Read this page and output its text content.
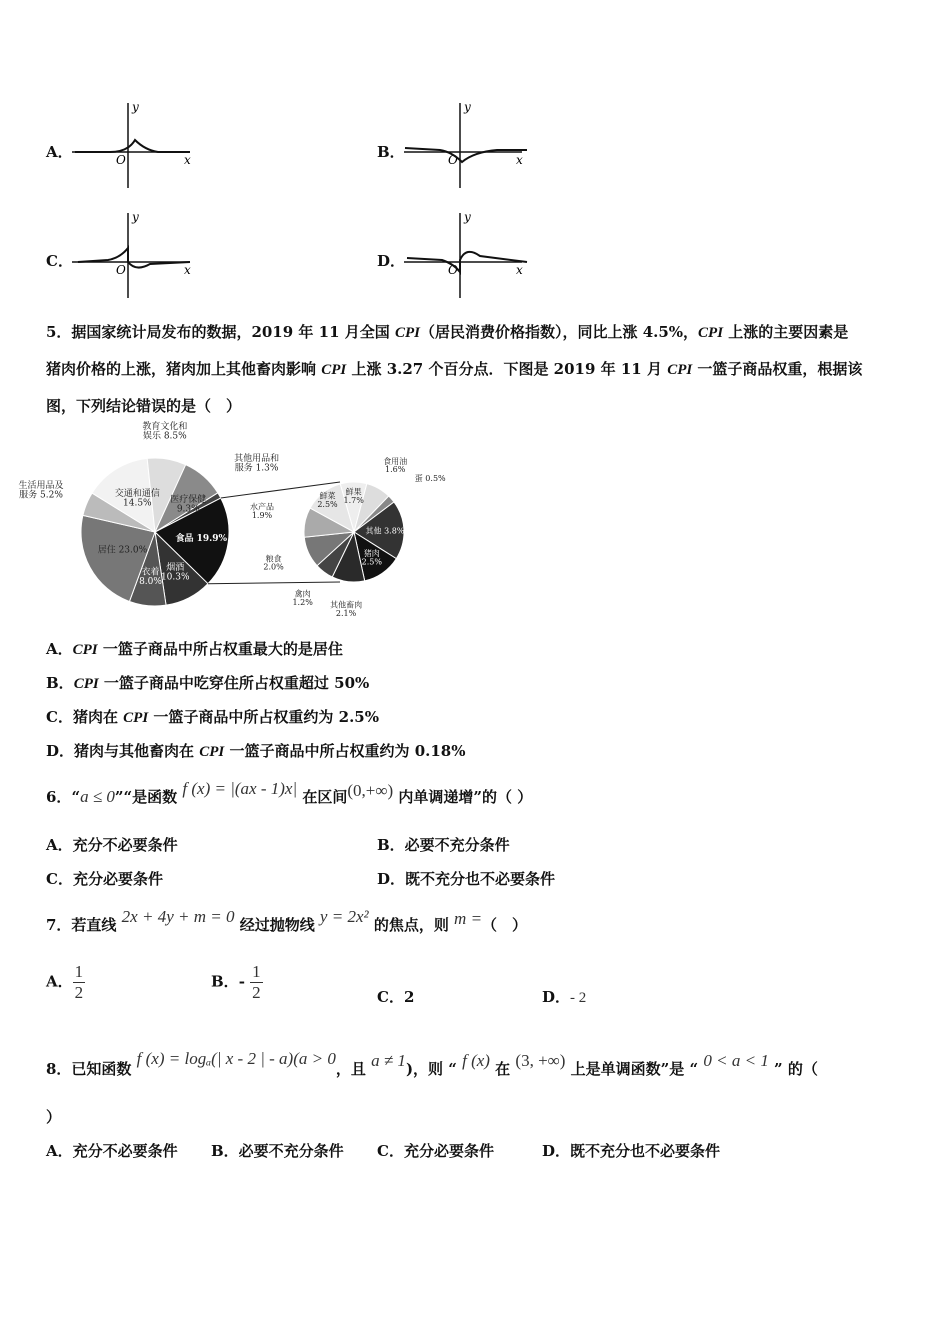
A．	x
y
O	B．	x
y
O
C．	x
y
O	D．	x
y
O
其他用品和
服务 1.3%
食品 19.9%
烟酒
10.3%
衣着
8.0%
居住 23.0%
生活用品及
服务 5.2%	交通和通信
14.5%
教育文化和
娱乐 8.5%
医疗保健
9.3%
鲜果
1.7%
食用油
1.6%
蛋 0.5%
其他 3.8%
猪肉
2.5%
其他畜肉
2.1%
禽肉
1.2%
粮食
2.0%
水产品
1.9%
鲜菜
2.5%
6．“a ≤ 0”“是函数 f (x) = |(ax - 1)x| 在区间(0,+∞) 内单调递增”的（ ）
A．充分不必要条件	B．必要不充分条件
C．充分必要条件	D．既不充分也不必要条件
7．若直线 2x + 4y + m = 0 经过抛物线 y = 2x² 的焦点，则 m =（　）
A． $\frac{1}{2}$	B．- $\frac{1}{2}$	C．2	D．- 2
8．已知函数 f (x) = logₐ(| x - 2 | - a)(a > 0，且 a ≠ 1)，则 “ f (x) 在 (3, +∞) 上是单调函数”是 “ 0 < a < 1 ” 的（
）
A．充分不必要条件 B．必要不充分条件 C．充分必要条件	D．既不充分也不必要条件
5．据国家统计局发布的数据，2019 年 11 月全国 CPI（居民消费价格指数），同比上涨 4.5%，CPI 上涨的主要因素是
猪肉价格的上涨，猪肉加上其他畜肉影响 CPI 上涨 3.27 个百分点．下图是 2019 年 11 月 CPI 一篮子商品权重，根据该
图，下列结论错误的是（　）
A．CPI 一篮子商品中所占权重最大的是居住
B．CPI 一篮子商品中吃穿住所占权重超过 50%
C．猪肉在 CPI 一篮子商品中所占权重约为 2.5%
D．猪肉与其他畜肉在 CPI 一篮子商品中所占权重约为 0.18%
